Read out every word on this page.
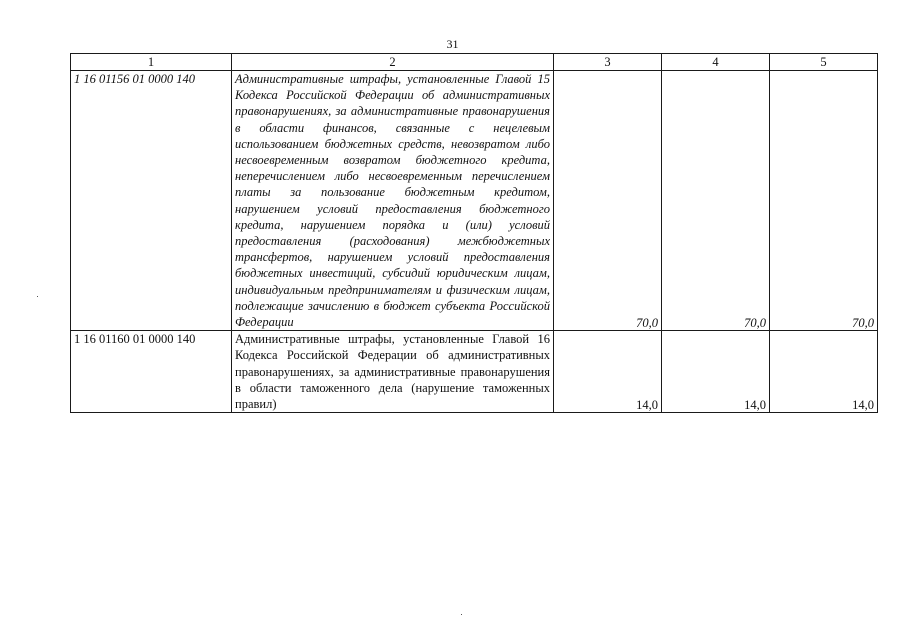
31
1	2	3	4	5
1 16 01156 01 0000 140	Административные штрафы, установленные Главой 15 Кодекса Российской Федерации об административных правонарушениях, за административные правонарушения в области финансов, связанные с нецелевым использованием бюджетных средств, невозвратом либо несвоевременным возвратом бюджетного кредита, неперечислением либо несвоевременным перечислением платы за пользование бюджетным кредитом, нарушением условий предоставления бюджетного кредита, нарушением порядка и (или) условий предоставления (расходования) межбюджетных трансфертов, нарушением условий предоставления бюджетных инвестиций, субсидий юридическим лицам, индивидуальным предпринимателям и физическим лицам, подлежащие зачислению в бюджет субъекта Российской Федерации	70,0	70,0	70,0
1 16 01160 01 0000 140	Административные штрафы, установленные Главой 16 Кодекса Российской Федерации об административных правонарушениях, за административные правонарушения в области таможенного дела (нарушение таможенных правил)	14,0	14,0	14,0
